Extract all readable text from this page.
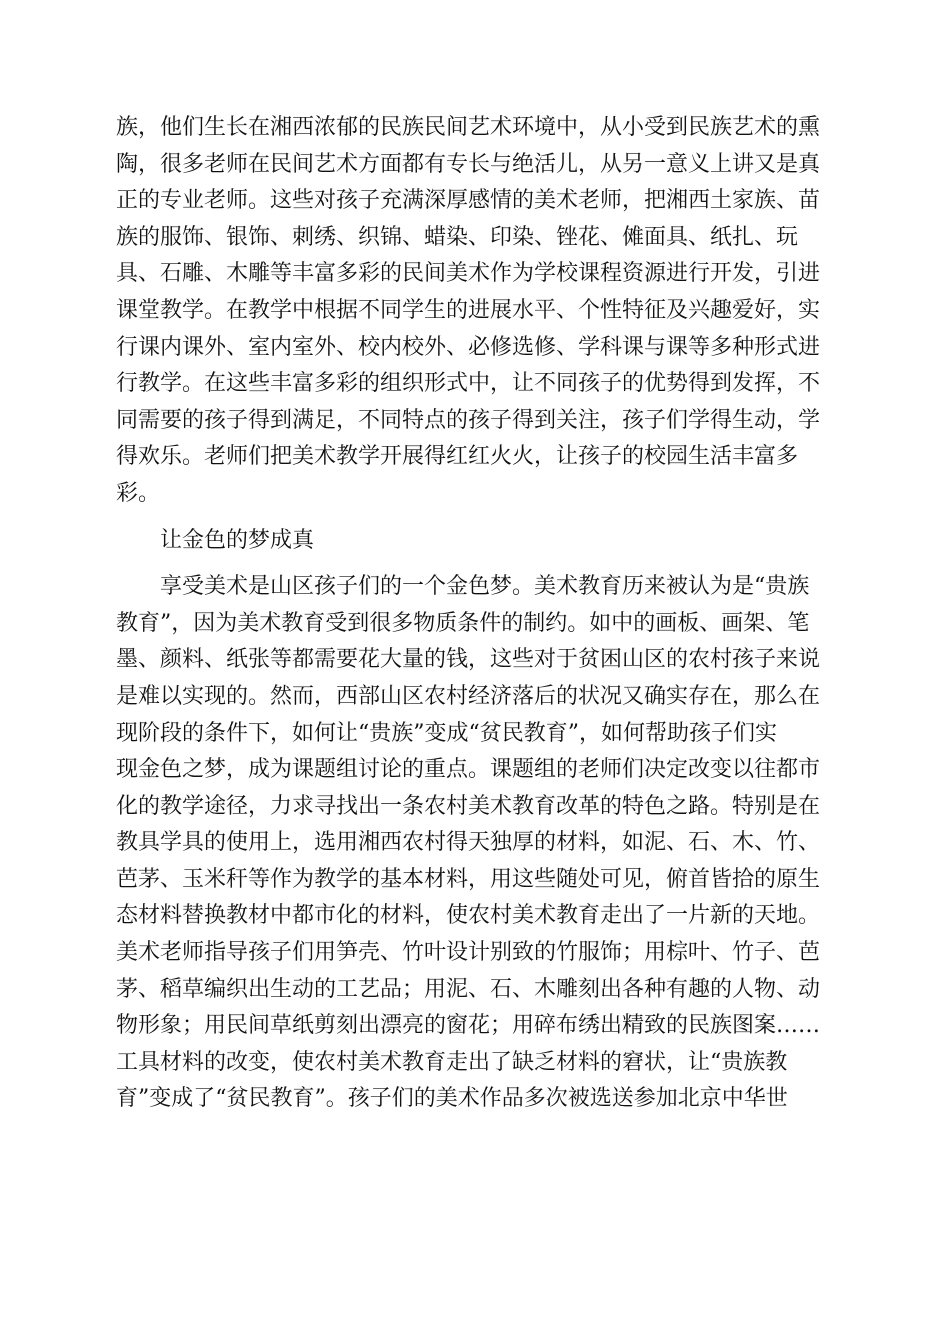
族，他们生长在湘西浓郁的民族民间艺术环境中，从小受到民族艺术的熏
陶，很多老师在民间艺术方面都有专长与绝活儿，从另一意义上讲又是真
正的专业老师。这些对孩子充满深厚感情的美术老师，把湘西土家族、苗
族的服饰、银饰、刺绣、织锦、蜡染、印染、锉花、傩面具、纸扎、玩
具、石雕、木雕等丰富多彩的民间美术作为学校课程资源进行开发，引进
课堂教学。在教学中根据不同学生的进展水平、个性特征及兴趣爱好，实
行课内课外、室内室外、校内校外、必修选修、学科课与课等多种形式进
行教学。在这些丰富多彩的组织形式中，让不同孩子的优势得到发挥，不
同需要的孩子得到满足，不同特点的孩子得到关注，孩子们学得生动，学
得欢乐。老师们把美术教学开展得红红火火，让孩子的校园生活丰富多
彩。
让金色的梦成真
享受美术是山区孩子们的一个金色梦。美术教育历来被认为是“贵族
教育”，因为美术教育受到很多物质条件的制约。如中的画板、画架、笔
墨、颜料、纸张等都需要花大量的钱，这些对于贫困山区的农村孩子来说
是难以实现的。然而，西部山区农村经济落后的状况又确实存在，那么在
现阶段的条件下，如何让“贵族”变成“贫民教育”，如何帮助孩子们实
现金色之梦，成为课题组讨论的重点。课题组的老师们决定改变以往都市
化的教学途径，力求寻找出一条农村美术教育改革的特色之路。特别是在
教具学具的使用上，选用湘西农村得天独厚的材料，如泥、石、木、竹、
芭茅、玉米秆等作为教学的基本材料，用这些随处可见，俯首皆拾的原生
态材料替换教材中都市化的材料，使农村美术教育走出了一片新的天地。
美术老师指导孩子们用笋壳、竹叶设计别致的竹服饰；用棕叶、竹子、芭
茅、稻草编织出生动的工艺品；用泥、石、木雕刻出各种有趣的人物、动
物形象；用民间草纸剪刻出漂亮的窗花；用碎布绣出精致的民族图案……
工具材料的改变，使农村美术教育走出了缺乏材料的窘状，让“贵族教
育”变成了“贫民教育”。孩子们的美术作品多次被选送参加北京中华世
